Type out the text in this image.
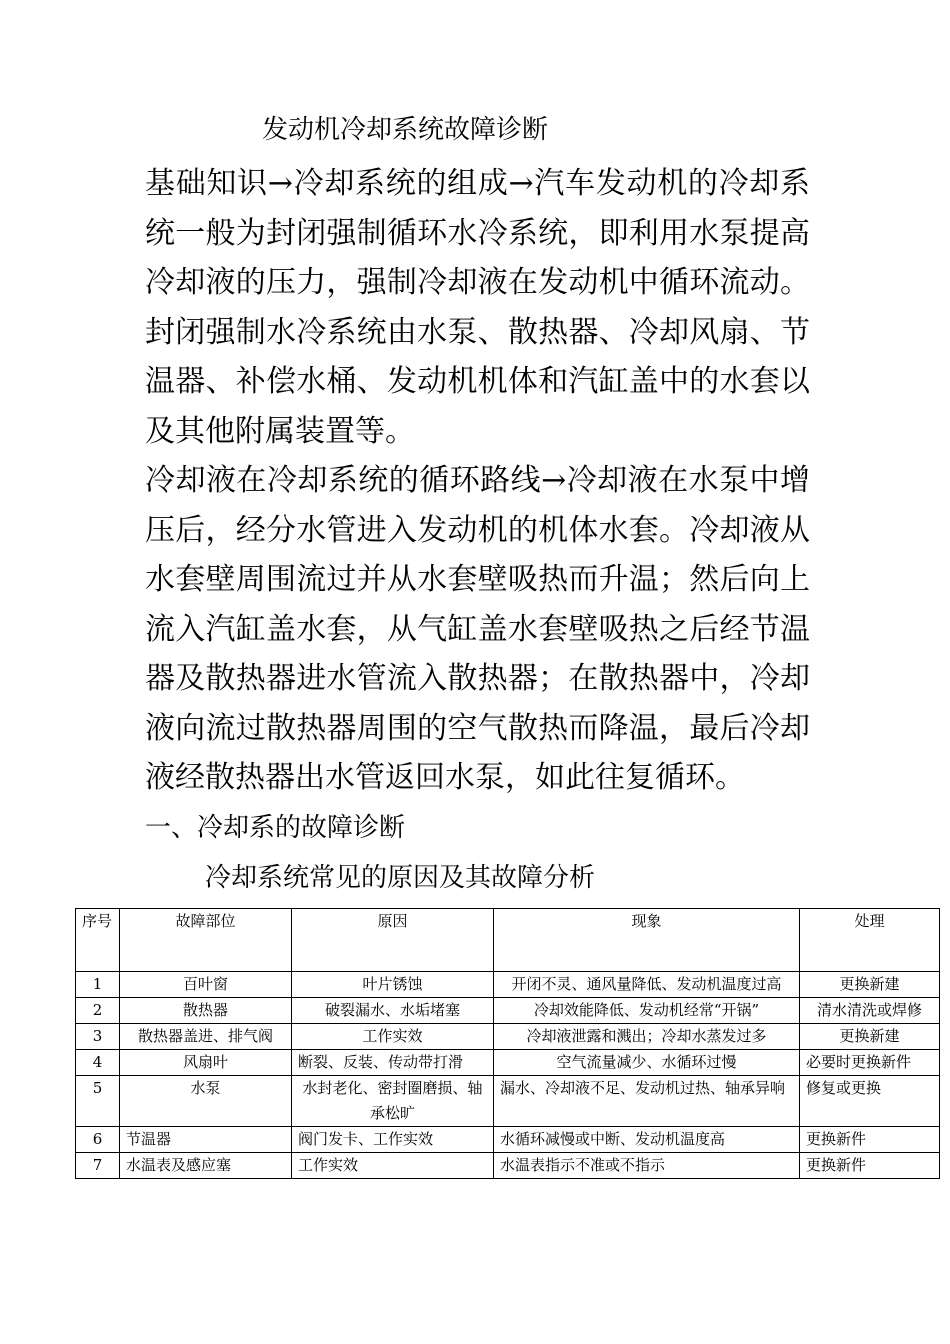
发动机冷却系统故障诊断

基础知识→冷却系统的组成→汽车发动机的冷却系统一般为封闭强制循环水冷系统，即利用水泵提高冷却液的压力，强制冷却液在发动机中循环流动。封闭强制水冷系统由水泵、散热器、冷却风扇、节温器、补偿水桶、发动机机体和汽缸盖中的水套以及其他附属装置等。

冷却液在冷却系统的循环路线→冷却液在水泵中增压后，经分水管进入发动机的机体水套。冷却液从水套壁周围流过并从水套壁吸热而升温；然后向上流入汽缸盖水套，从气缸盖水套壁吸热之后经节温器及散热器进水管流入散热器；在散热器中，冷却液向流过散热器周围的空气散热而降温，最后冷却液经散热器出水管返回水泵，如此往复循环。

一、冷却系的故障诊断
冷却系统常见的原因及其故障分析
序号	故障部位	原因	现象	处理
1	百叶窗	叶片锈蚀	开闭不灵、通风量降低、发动机温度过高	更换新建
2	散热器	破裂漏水、水垢堵塞	冷却效能降低、发动机经常“开锅”	清水清洗或焊修
3	散热器盖进、排气阀	工作实效	冷却液泄露和溅出；冷却水蒸发过多	更换新建
4	风扇叶	断裂、反装、传动带打滑	空气流量减少、水循环过慢	必要时更换新件
5	水泵	水封老化、密封圈磨损、轴承松旷	漏水、冷却液不足、发动机过热、轴承异响	修复或更换
6	节温器	阀门发卡、工作实效	水循环减慢或中断、发动机温度高	更换新件
7	水温表及感应塞	工作实效	水温表指示不准或不指示	更换新件
